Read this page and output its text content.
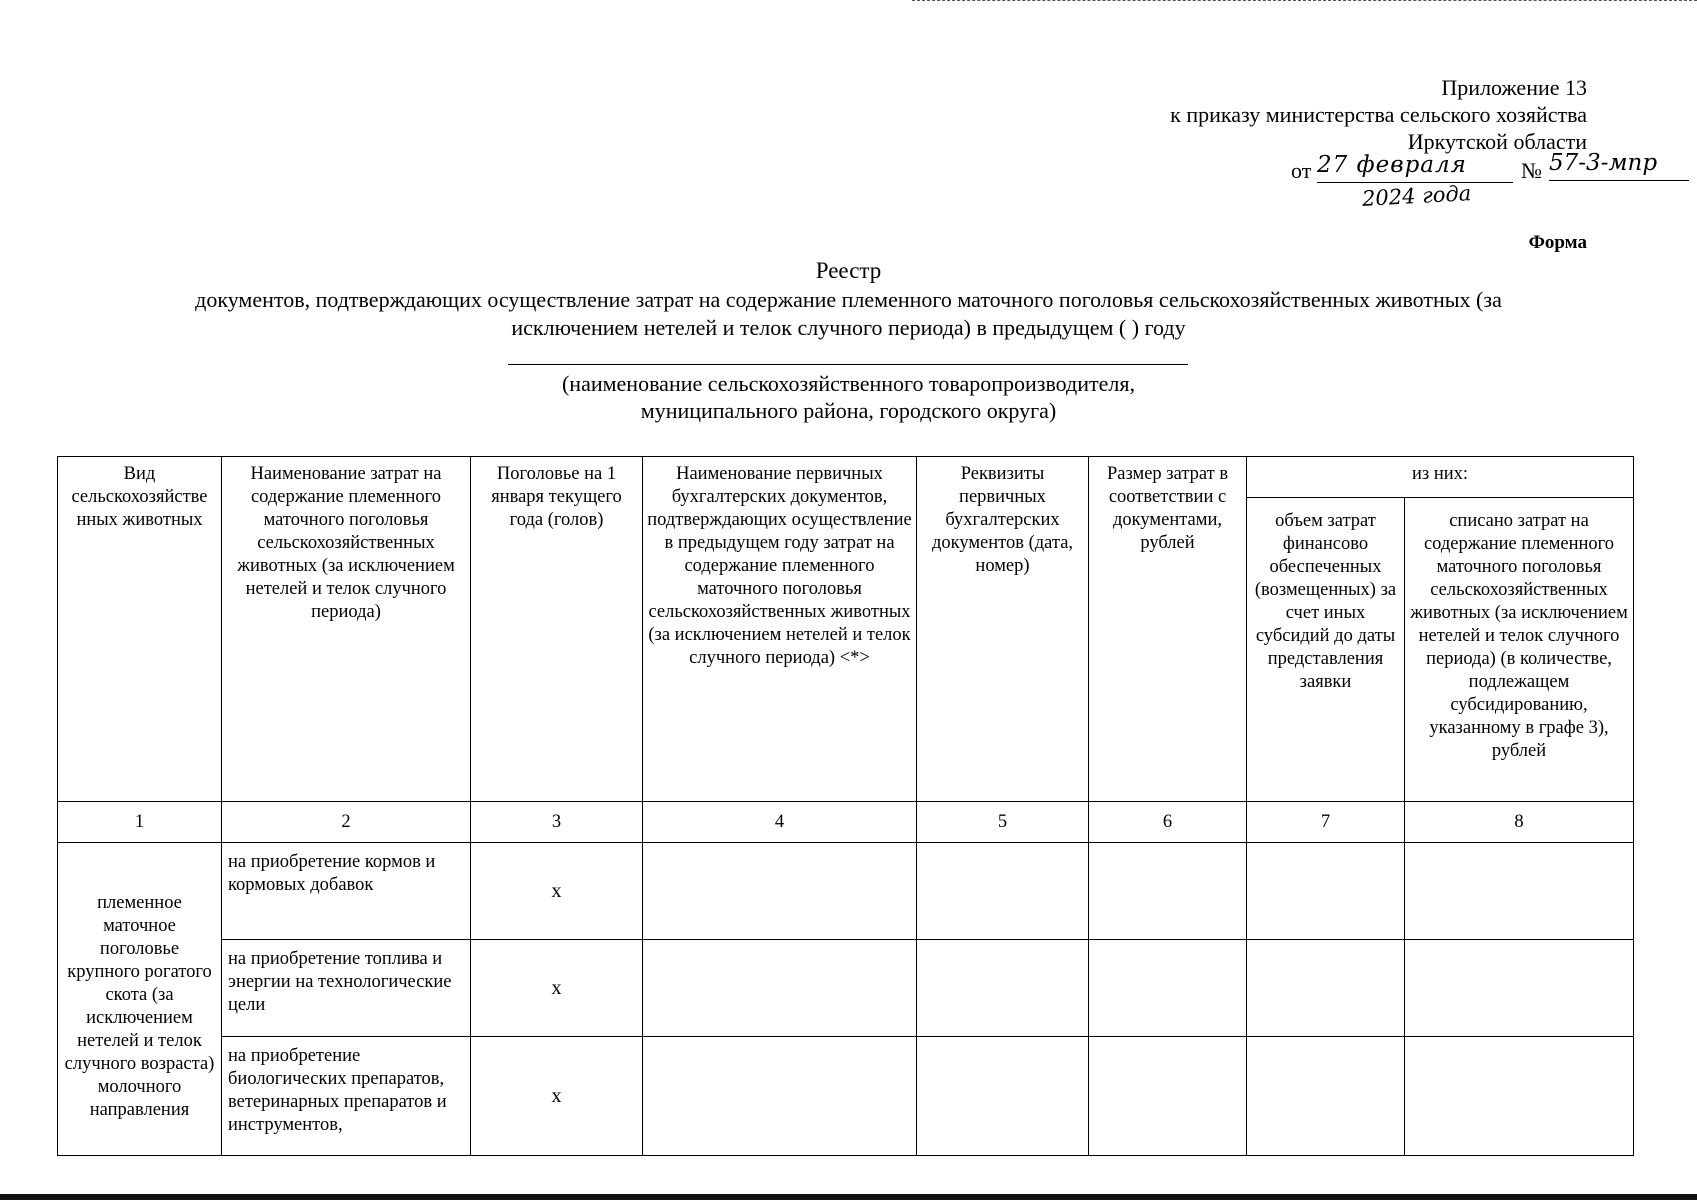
Приложение 13
к приказу министерства сельского хозяйства
Иркутской области
от 27 февраля
2024 года
№ 57-3-мпр
Форма
Реестр
документов, подтверждающих осуществление затрат на содержание племенного маточного поголовья сельскохозяйственных животных (за
исключением нетелей и телок случного периода) в предыдущем ( ) году
(наименование сельскохозяйственного товаропроизводителя,
муниципального района, городского округа)
Вид сельскохозяйстве нных животных	Наименование затрат на содержание племенного маточного поголовья сельскохозяйственных животных (за исключением нетелей и телок случного периода)	Поголовье на 1 января текущего года (голов)	Наименование первичных бухгалтерских документов, подтверждающих осуществление в предыдущем году затрат на содержание племенного маточного поголовья сельскохозяйственных животных (за исключением нетелей и телок случного периода) <*>	Реквизиты первичных бухгалтерских документов (дата, номер)	Размер затрат в соответствии с документами, рублей	из них:	
						объем затрат финансово обеспеченных (возмещенных) за счет иных субсидий до даты представления заявки	списано затрат на содержание племенного маточного поголовья сельскохозяйственных животных (за исключением нетелей и телок случного периода) (в количестве, подлежащем субсидированию, указанному в графе 3), рублей
1	2	3	4	5	6	7	8
племенное маточное поголовье крупного рогатого скота (за исключением нетелей и телок случного возраста) молочного направления	на приобретение кормов и кормовых добавок	x					
	на приобретение топлива и энергии на технологические цели	x					
	на приобретение биологических препаратов, ветеринарных препаратов и инструментов,	x					
